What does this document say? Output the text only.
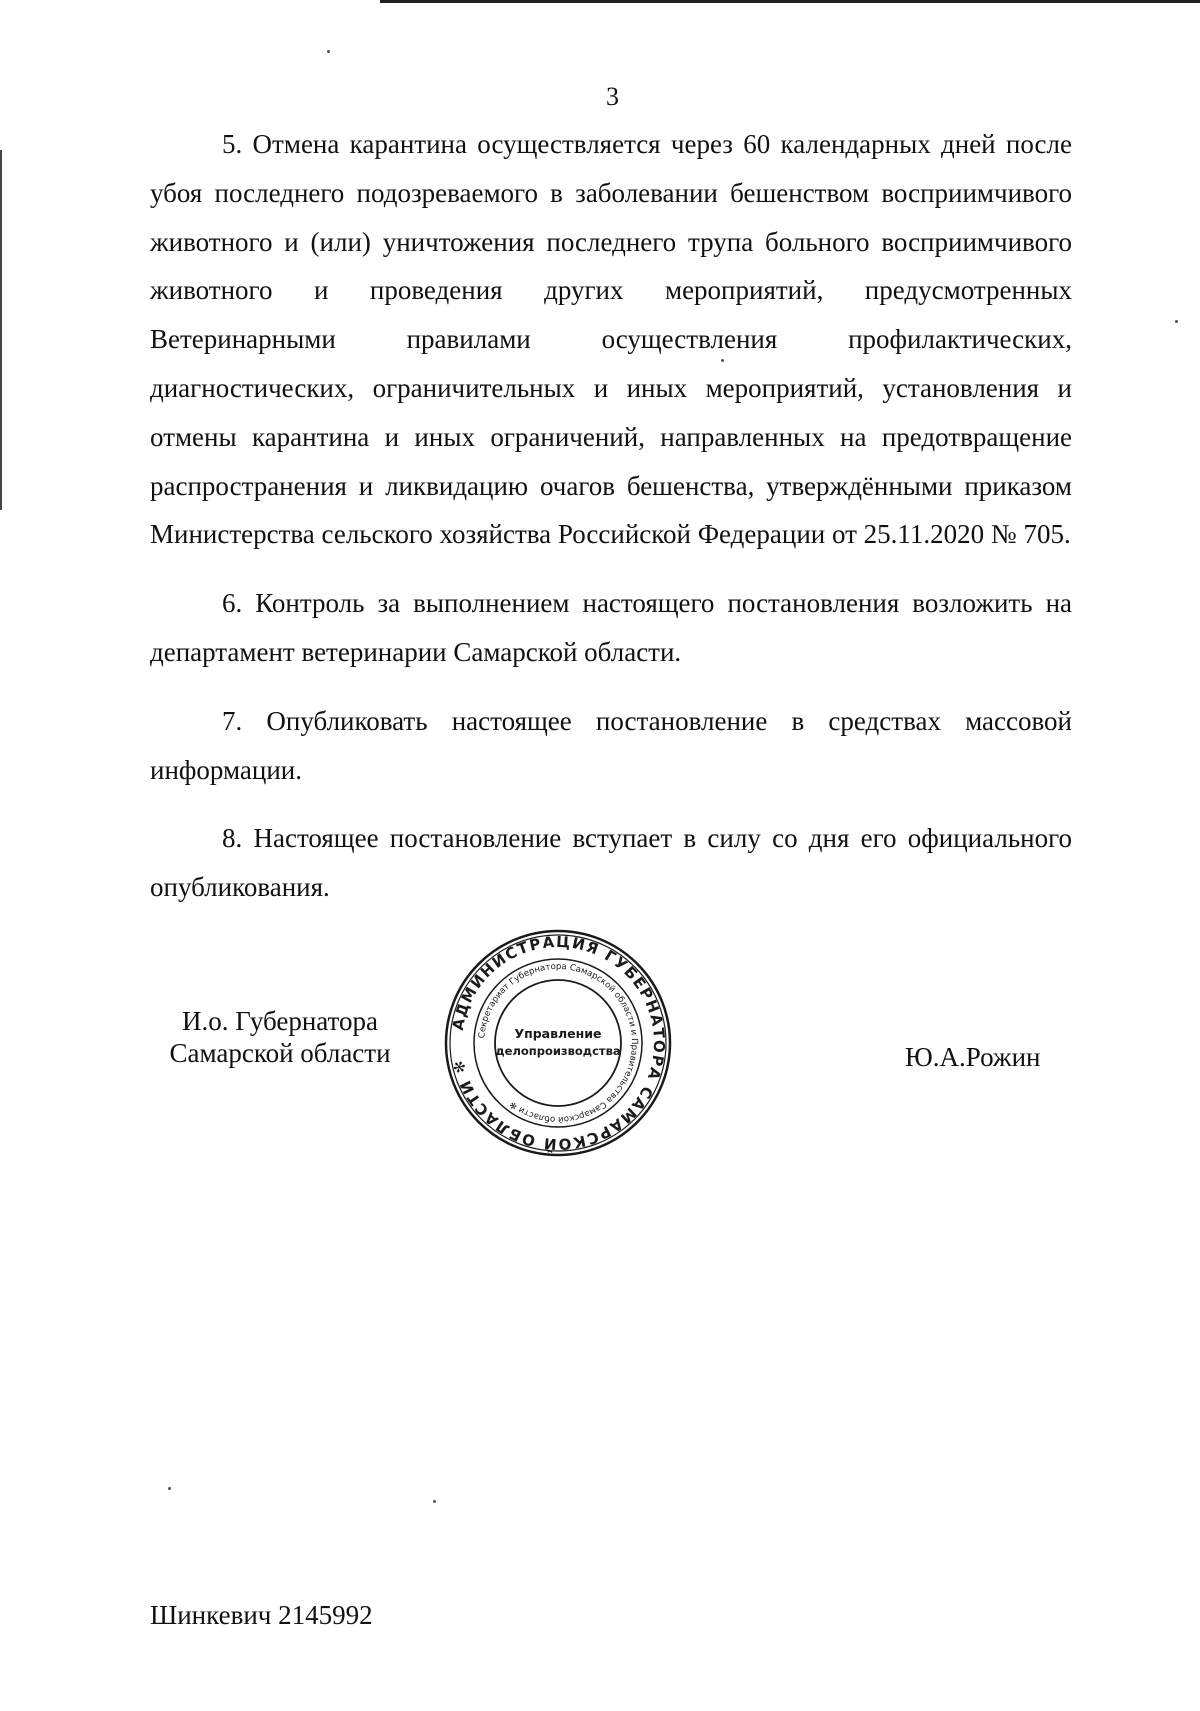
3

5. Отмена карантина осуществляется через 60 календарных дней после убоя последнего подозреваемого в заболевании бешенством восприимчивого животного и (или) уничтожения последнего трупа больного восприимчивого животного и проведения других мероприятий, предусмотренных Ветеринарными правилами осуществления профилактических, диагностических, ограничительных и иных мероприятий, установления и отмены карантина и иных ограничений, направленных на предотвращение распространения и ликвидацию очагов бешенства, утверждёнными приказом Министерства сельского хозяйства Российской Федерации от 25.11.2020 № 705.

6. Контроль за выполнением настоящего постановления возложить на департамент ветеринарии Самарской области.

7. Опубликовать настоящее постановление в средствах массовой информации.

8. Настоящее постановление вступает в силу со дня его официального опубликования.

И.о. Губернатора
Самарской области
АДМИНИСТРАЦИЯ ГУБЕРНАТОРА САМАРСКОЙ ОБЛАСТИ ✻
Секретариат Губернатора Самарской области и Правительства Самарской области ✻
Управление
делопроизводства	Ю.А.Рожин
Шинкевич 2145992
